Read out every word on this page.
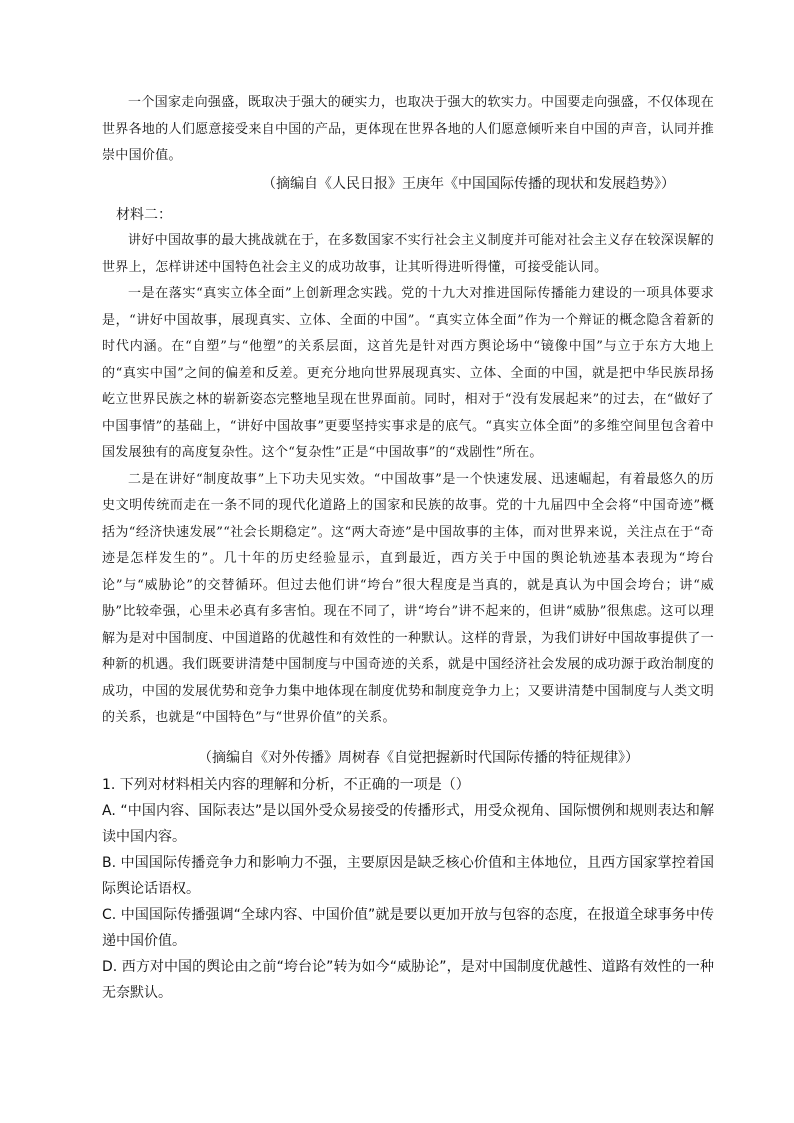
一个国家走向强盛，既取决于强大的硬实力，也取决于强大的软实力。中国要走向强盛，不仅体现在世界各地的人们愿意接受来自中国的产品，更体现在世界各地的人们愿意倾听来自中国的声音，认同并推崇中国价值。

（摘编自《人民日报》王庚年《中国国际传播的现状和发展趋势》）

材料二：

讲好中国故事的最大挑战就在于，在多数国家不实行社会主义制度并可能对社会主义存在较深误解的世界上，怎样讲述中国特色社会主义的成功故事，让其听得进听得懂，可接受能认同。

一是在落实“真实立体全面”上创新理念实践。党的十九大对推进国际传播能力建设的一项具体要求是，“讲好中国故事，展现真实、立体、全面的中国”。“真实立体全面”作为一个辩证的概念隐含着新的时代内涵。在“自塑”与“他塑”的关系层面，这首先是针对西方舆论场中“镜像中国”与立于东方大地上的“真实中国”之间的偏差和反差。更充分地向世界展现真实、立体、全面的中国，就是把中华民族昂扬屹立世界民族之林的崭新姿态完整地呈现在世界面前。同时，相对于“没有发展起来”的过去，在“做好了中国事情”的基础上，“讲好中国故事”更要坚持实事求是的底气。“真实立体全面”的多维空间里包含着中国发展独有的高度复杂性。这个“复杂性”正是“中国故事”的“戏剧性”所在。

二是在讲好“制度故事”上下功夫见实效。“中国故事”是一个快速发展、迅速崛起，有着最悠久的历史文明传统而走在一条不同的现代化道路上的国家和民族的故事。党的十九届四中全会将“中国奇迹”概括为“经济快速发展”“社会长期稳定”。这“两大奇迹”是中国故事的主体，而对世界来说，关注点在于“奇迹是怎样发生的”。几十年的历史经验显示，直到最近，西方关于中国的舆论轨迹基本表现为“垮台论”与“威胁论”的交替循环。但过去他们讲“垮台”很大程度是当真的，就是真认为中国会垮台；讲“威胁”比较牵强，心里未必真有多害怕。现在不同了，讲“垮台”讲不起来的，但讲“威胁”很焦虑。这可以理解为是对中国制度、中国道路的优越性和有效性的一种默认。这样的背景，为我们讲好中国故事提供了一种新的机遇。我们既要讲清楚中国制度与中国奇迹的关系，就是中国经济社会发展的成功源于政治制度的成功，中国的发展优势和竞争力集中地体现在制度优势和制度竞争力上；又要讲清楚中国制度与人类文明的关系，也就是“中国特色”与“世界价值”的关系。

（摘编自《对外传播》周树春《自觉把握新时代国际传播的特征规律》）

1. 下列对材料相关内容的理解和分析，不正确的一项是（）

A. “中国内容、国际表达”是以国外受众易接受的传播形式，用受众视角、国际惯例和规则表达和解读中国内容。

B. 中国国际传播竞争力和影响力不强，主要原因是缺乏核心价值和主体地位，且西方国家掌控着国际舆论话语权。

C. 中国国际传播强调“全球内容、中国价值”就是要以更加开放与包容的态度，在报道全球事务中传递中国价值。

D. 西方对中国的舆论由之前“垮台论”转为如今“威胁论”，是对中国制度优越性、道路有效性的一种无奈默认。
